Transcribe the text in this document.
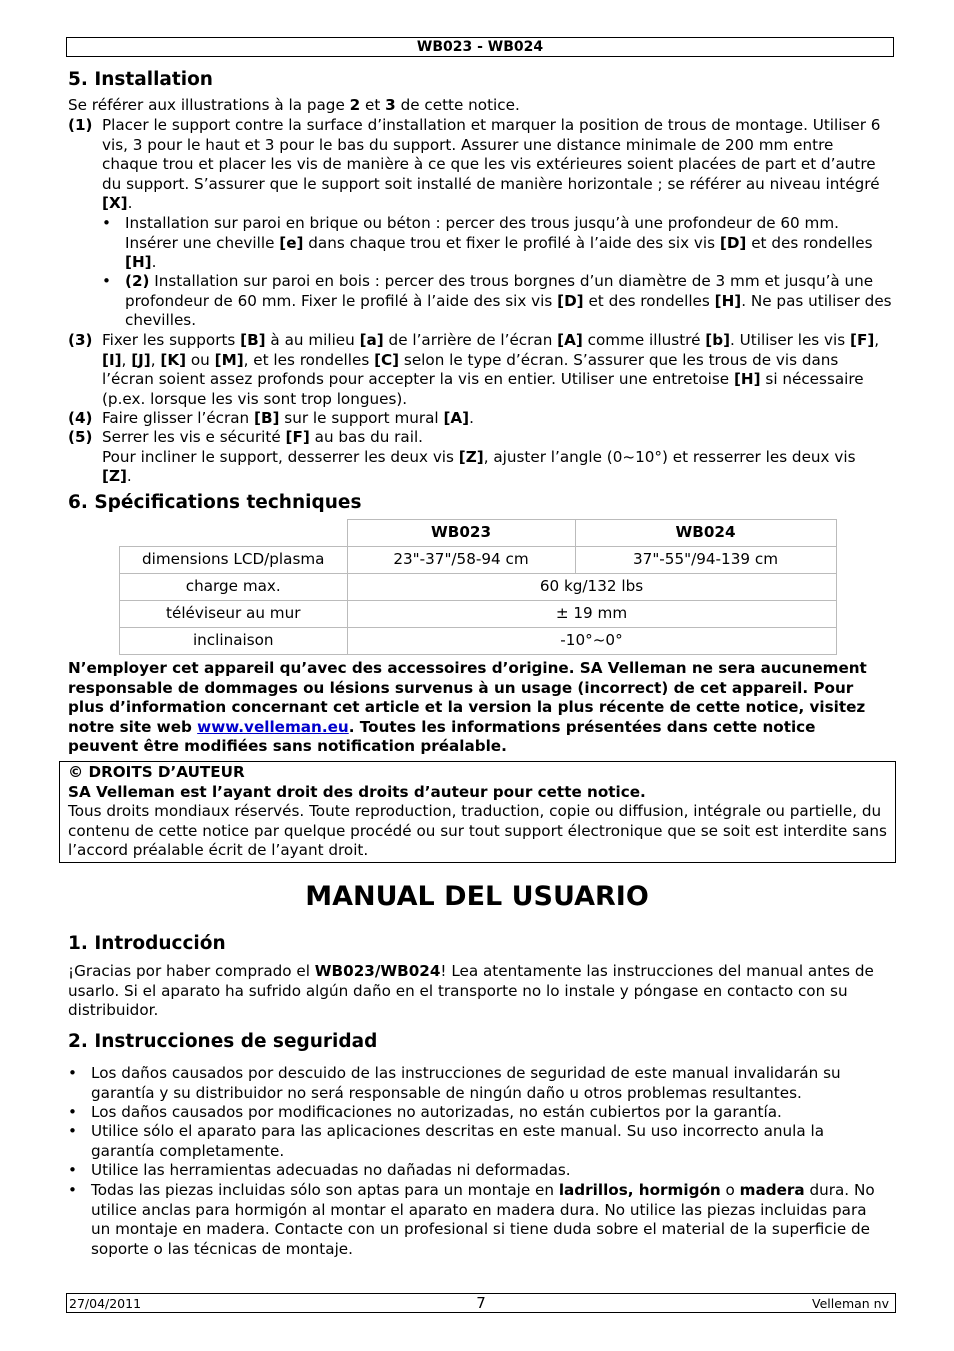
WB023 - WB024
5. Installation
Se référer aux illustrations à la page 2 et 3 de cette notice.
(1) Placer le support contre la surface d’installation et marquer la position de trous de montage. Utiliser 6 vis, 3 pour le haut et 3 pour le bas du support. Assurer une distance minimale de 200 mm entre chaque trou et placer les vis de manière à ce que les vis extérieures soient placées de part et d’autre du support. S’assurer que le support soit installé de manière horizontale ; se référer au niveau intégré [X].
• Installation sur paroi en brique ou béton : percer des trous jusqu’à une profondeur de 60 mm. Insérer une cheville [e] dans chaque trou et fixer le profilé à l’aide des six vis [D] et des rondelles [H].
• (2) Installation sur paroi en bois : percer des trous borgnes d’un diamètre de 3 mm et jusqu’à une profondeur de 60 mm. Fixer le profilé à l’aide des six vis [D] et des rondelles [H]. Ne pas utiliser des chevilles.
(3) Fixer les supports [B] à au milieu [a] de l’arrière de l’écran [A] comme illustré [b]. Utiliser les vis [F], [I], [J], [K] ou [M], et les rondelles [C] selon le type d’écran. S’assurer que les trous de vis dans l’écran soient assez profonds pour accepter la vis en entier. Utiliser une entretoise [H] si nécessaire (p.ex. lorsque les vis sont trop longues).
(4) Faire glisser l’écran [B] sur le support mural [A].
(5) Serrer les vis e sécurité [F] au bas du rail.
Pour incliner le support, desserrer les deux vis [Z], ajuster l’angle (0~10°) et resserrer les deux vis [Z].
6. Spécifications techniques
	WB023	WB024
dimensions LCD/plasma	23"-37"/58-94 cm	37"-55"/94-139 cm
charge max.	60 kg/132 lbs	
téléviseur au mur	± 19 mm	
inclinaison	-10°~0°	
N’employer cet appareil qu’avec des accessoires d’origine. SA Velleman ne sera aucunement responsable de dommages ou lésions survenus à un usage (incorrect) de cet appareil. Pour plus d’information concernant cet article et la version la plus récente de cette notice, visitez notre site web www.velleman.eu. Toutes les informations présentées dans cette notice peuvent être modifiées sans notification préalable.
© DROITS D’AUTEUR
SA Velleman est l’ayant droit des droits d’auteur pour cette notice.
Tous droits mondiaux réservés. Toute reproduction, traduction, copie ou diffusion, intégrale ou partielle, du contenu de cette notice par quelque procédé ou sur tout support électronique que se soit est interdite sans l’accord préalable écrit de l’ayant droit.
MANUAL DEL USUARIO
1. Introducción
¡Gracias por haber comprado el WB023/WB024! Lea atentamente las instrucciones del manual antes de usarlo. Si el aparato ha sufrido algún daño en el transporte no lo instale y póngase en contacto con su distribuidor.
2. Instrucciones de seguridad
• Los daños causados por descuido de las instrucciones de seguridad de este manual invalidarán su garantía y su distribuidor no será responsable de ningún daño u otros problemas resultantes.
• Los daños causados por modificaciones no autorizadas, no están cubiertos por la garantía.
• Utilice sólo el aparato para las aplicaciones descritas en este manual. Su uso incorrecto anula la garantía completamente.
• Utilice las herramientas adecuadas no dañadas ni deformadas.
• Todas las piezas incluidas sólo son aptas para un montaje en ladrillos, hormigón o madera dura. No utilice anclas para hormigón al montar el aparato en madera dura. No utilice las piezas incluidas para un montaje en madera. Contacte con un profesional si tiene duda sobre el material de la superficie de soporte o las técnicas de montaje.
27/04/2011	7	Velleman nv
